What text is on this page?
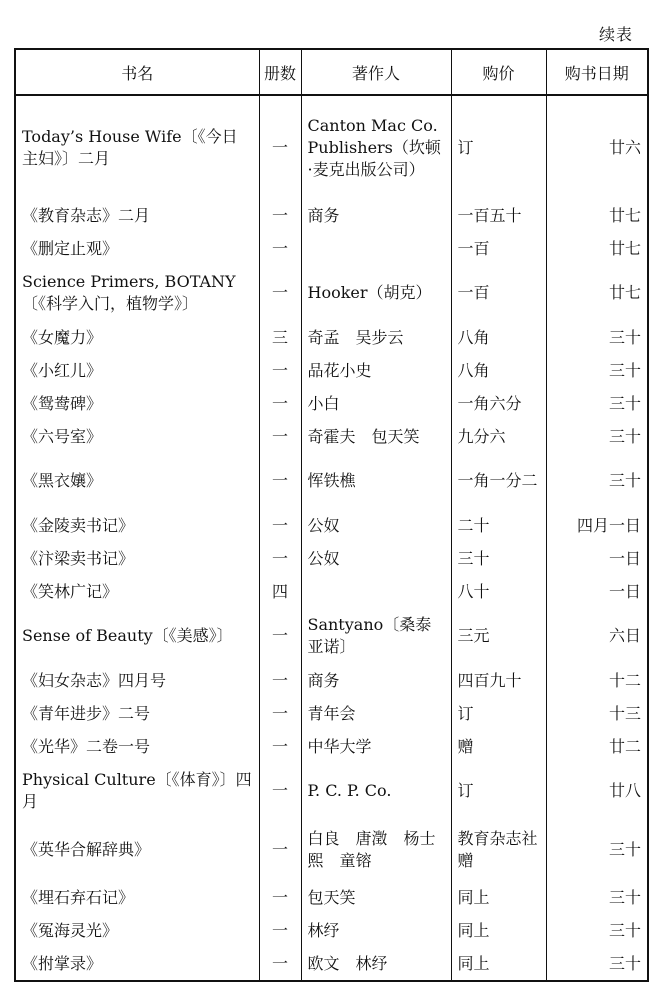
续表
书名	册数	著作人	购价	购书日期
Today’s House Wife〔《今日主妇》〕二月	一	Canton Mac Co. Publishers（坎顿·麦克出版公司）	订	廿六
《教育杂志》二月	一	商务	一百五十	廿七
《删定止观》	一		一百	廿七
Science Primers, BOTANY〔《科学入门，植物学》〕	一	Hooker（胡克）	一百	廿七
《女魔力》	三	奇孟　吴步云	八角	三十
《小红儿》	一	品花小史	八角	三十
《鸳鸯碑》	一	小白	一角六分	三十
《六号室》	一	奇霍夫　包天笑	九分六	三十
《黑衣孃》	一	恽铁樵	一角一分二	三十
《金陵卖书记》	一	公奴	二十	四月一日
《汴梁卖书记》	一	公奴	三十	一日
《笑林广记》	四		八十	一日
Sense of Beauty〔《美感》〕	一	Santyano〔桑泰亚诺〕	三元	六日
《妇女杂志》四月号	一	商务	四百九十	十二
《青年进步》二号	一	青年会	订	十三
《光华》二卷一号	一	中华大学	赠	廿二
Physical Culture〔《体育》〕四月	一	P. C. P. Co.	订	廿八
《英华合解辞典》	一	白良　唐澂　杨士熙　童镕	教育杂志社赠	三十
《埋石弃石记》	一	包天笑	同上	三十
《冤海灵光》	一	林纾	同上	三十
《拊掌录》	一	欧文　林纾	同上	三十
